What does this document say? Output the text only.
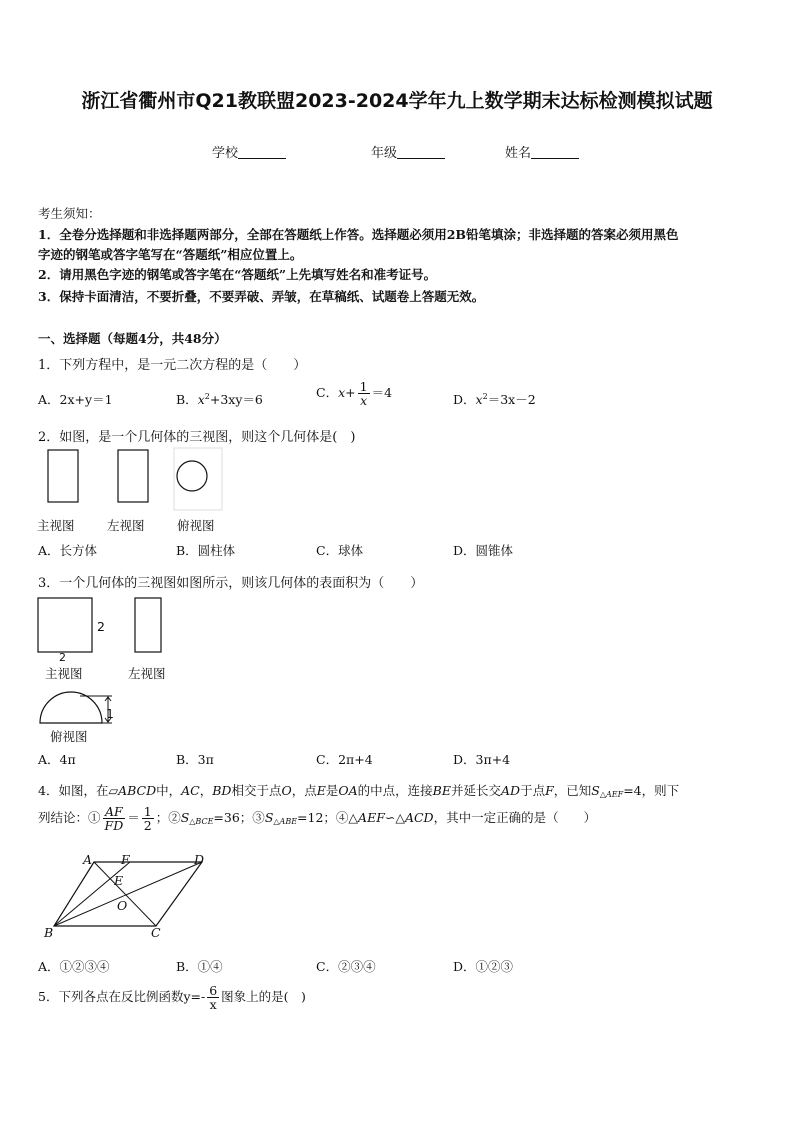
浙江省衢州市Q21教联盟2023-2024学年九上数学期末达标检测模拟试题
学校	年级	姓名
考生须知：
1．全卷分选择题和非选择题两部分，全部在答题纸上作答。选择题必须用2B铅笔填涂；非选择题的答案必须用黑色
字迹的钢笔或答字笔写在“答题纸”相应位置上。
2．请用黑色字迹的钢笔或答字笔在“答题纸”上先填写姓名和准考证号。
3．保持卡面清洁，不要折叠，不要弄破、弄皱，在草稿纸、试题卷上答题无效。
一、选择题（每题4分，共48分）
1．下列方程中，是一元二次方程的是（　　）
A．2x+y＝1	B．$x^2+3xy=6$	C．$x+ \frac{1}{x} =4$	D．$x^2=3x-2$
2．如图，是一个几何体的三视图，则这个几何体是(　)
主视图	左视图	俯视图
A．长方体	B．圆柱体	C．球体	D．圆锥体
3．一个几何体的三视图如图所示，则该几何体的表面积为（　　）
2
2
主视图	左视图
1
俯视图
A．4π	B．3π	C．2π+4	D．3π+4
4．如图，在▱ABCD中，AC，BD相交于点O，点E是OA的中点，连接BE并延长交AD于点F，已知$S_{\triangle AEF}=4$，则下
列结论：① $\frac{AF}{FD} = \frac{1}{2}$ ；$②S_{\triangle BCE}=36$；$③S_{\triangle ABE}=12$；④△AEF∽△ACD，其中一定正确的是（　　）
A F	D
E
O
B	C
A．①②③④	B．①④	C．②③④	D．①②③
5．下列各点在反比例函数$y=- \frac{6}{x}$ 图象上的是(　)
